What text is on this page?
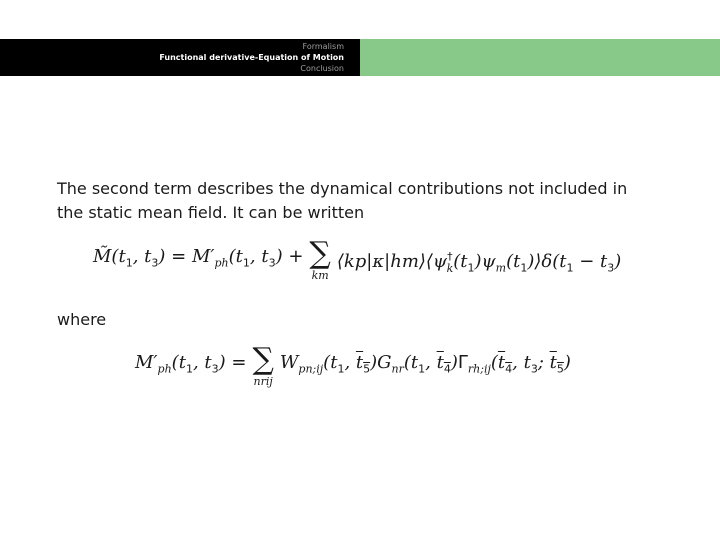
Formalism
Functional derivative-Equation of Motion
Conclusion

The second term describes the dynamical contributions not included in

the static mean field. It can be written

$M̃(t_1$, $t_3) = M'_{ph}(t_1$, $t_3$) + ∑
km
$⟨kp|\kappa|hm⟩⟨\psi^\dagger_k(t_1)\psi_m(t_1)⟩\delta(t_1 - t_3)$
where
$M'_{ph}(t_1$, $t_3$) = ∑
nrij
$W_{pn;ij}(t_1$, $t_5)G_{nr}(t_1$, $t_4)\Gamma_{rh;ij}(t_4$, $t_3$; $t_5$)
